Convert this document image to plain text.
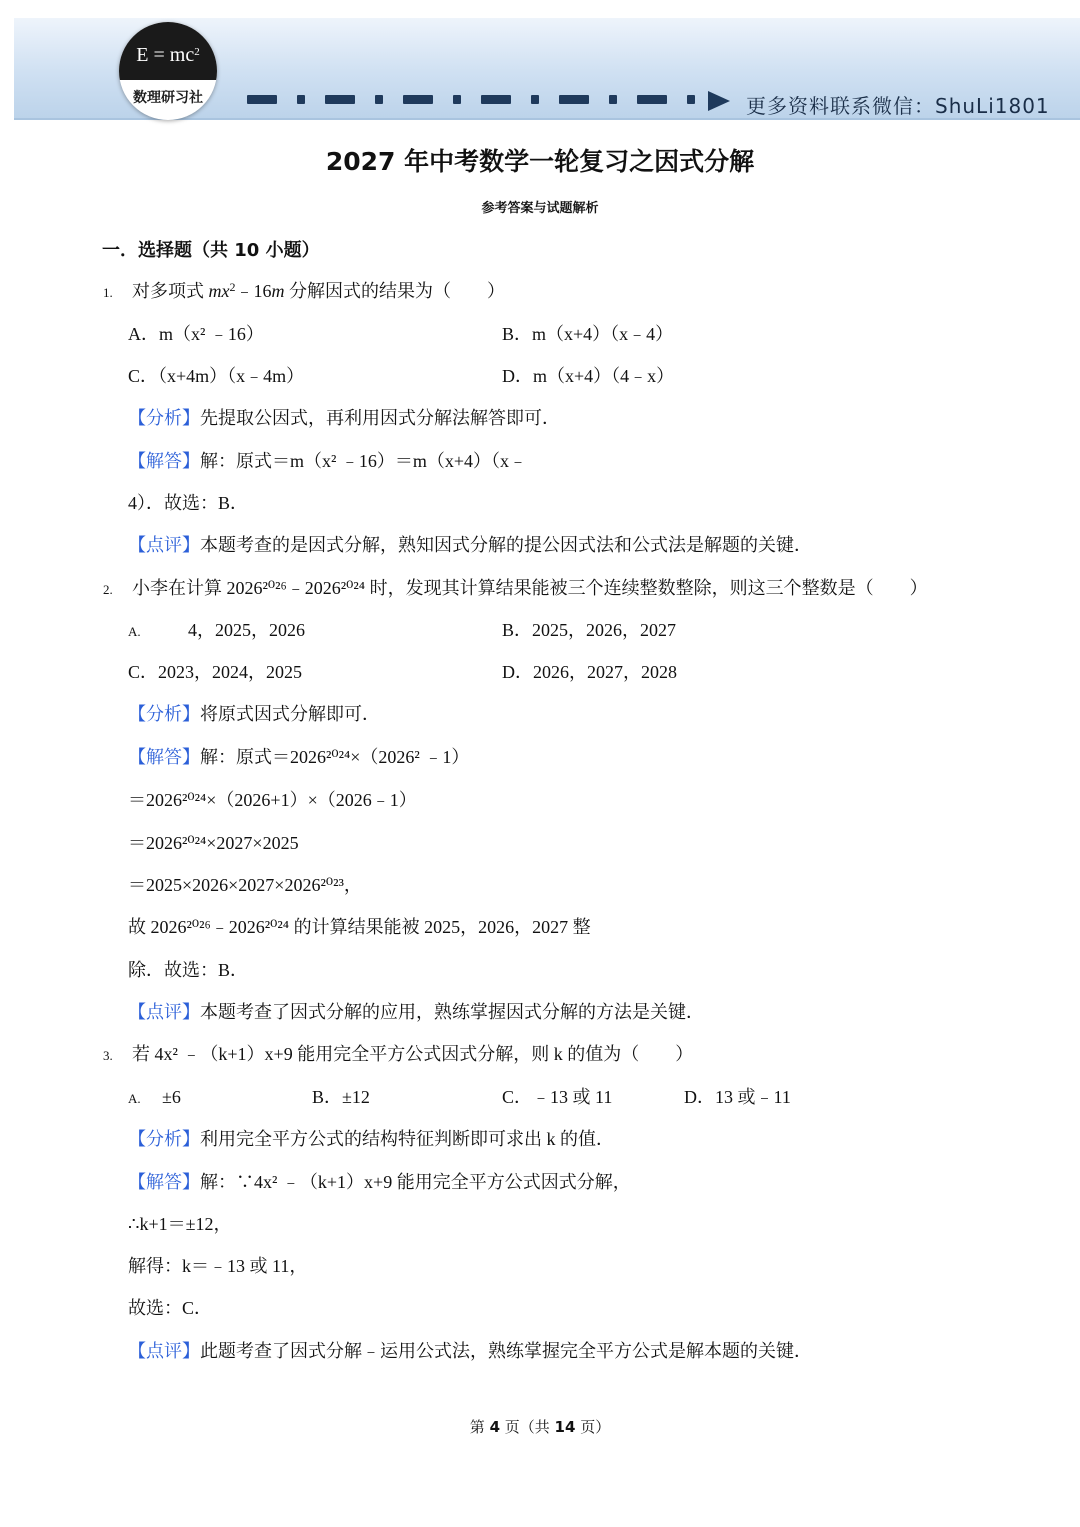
$E = mc^2$
数理研习社	更多资料联系微信：ShuLi1801
2027 年中考数学一轮复习之因式分解
参考答案与试题解析
一．选择题（共 10 小题）
1. 对多项式 $mx^2﹣16m$ 分解因式的结果为（　　）
A．m（x² ﹣16）	B．m（x+4）（x﹣4）
C．（x+4m）（x﹣4m）	D．m（x+4）（4﹣x）
【分析】先提取公因式，再利用因式分解法解答即可．
【解答】解：原式＝m（x² ﹣16）＝m（x+4）（x﹣
4）．故选：B．
【点评】本题考查的是因式分解，熟知因式分解的提公因式法和公式法是解题的关键．
2. 小李在计算 2026²⁰²⁶﹣2026²⁰²⁴ 时，发现其计算结果能被三个连续整数整除，则这三个整数是（　　）
A.	4，2025，2026	B．2025，2026，2027
C．2023，2024，2025	D．2026，2027，2028
【分析】将原式因式分解即可．
【解答】解：原式＝2026²⁰²⁴×（2026² ﹣1）
＝2026²⁰²⁴×（2026+1）×（2026﹣1）
＝2026²⁰²⁴×2027×2025
＝2025×2026×2027×2026²⁰²³，
故 2026²⁰²⁶﹣2026²⁰²⁴ 的计算结果能被 2025，2026，2027 整
除．故选：B．
【点评】本题考查了因式分解的应用，熟练掌握因式分解的方法是关键．
3. 若 4x² ﹣（k+1）x+9 能用完全平方公式因式分解，则 k 的值为（　　）
A. ±6	B．±12	C．﹣13 或 11	D．13 或﹣11
【分析】利用完全平方公式的结构特征判断即可求出 k 的值．
【解答】解：∵4x² ﹣（k+1）x+9 能用完全平方公式因式分解，
∴k+1＝±12，
解得：k＝﹣13 或 11，
故选：C．
【点评】此题考查了因式分解﹣运用公式法，熟练掌握完全平方公式是解本题的关键．
第 4 页（共 14 页）
